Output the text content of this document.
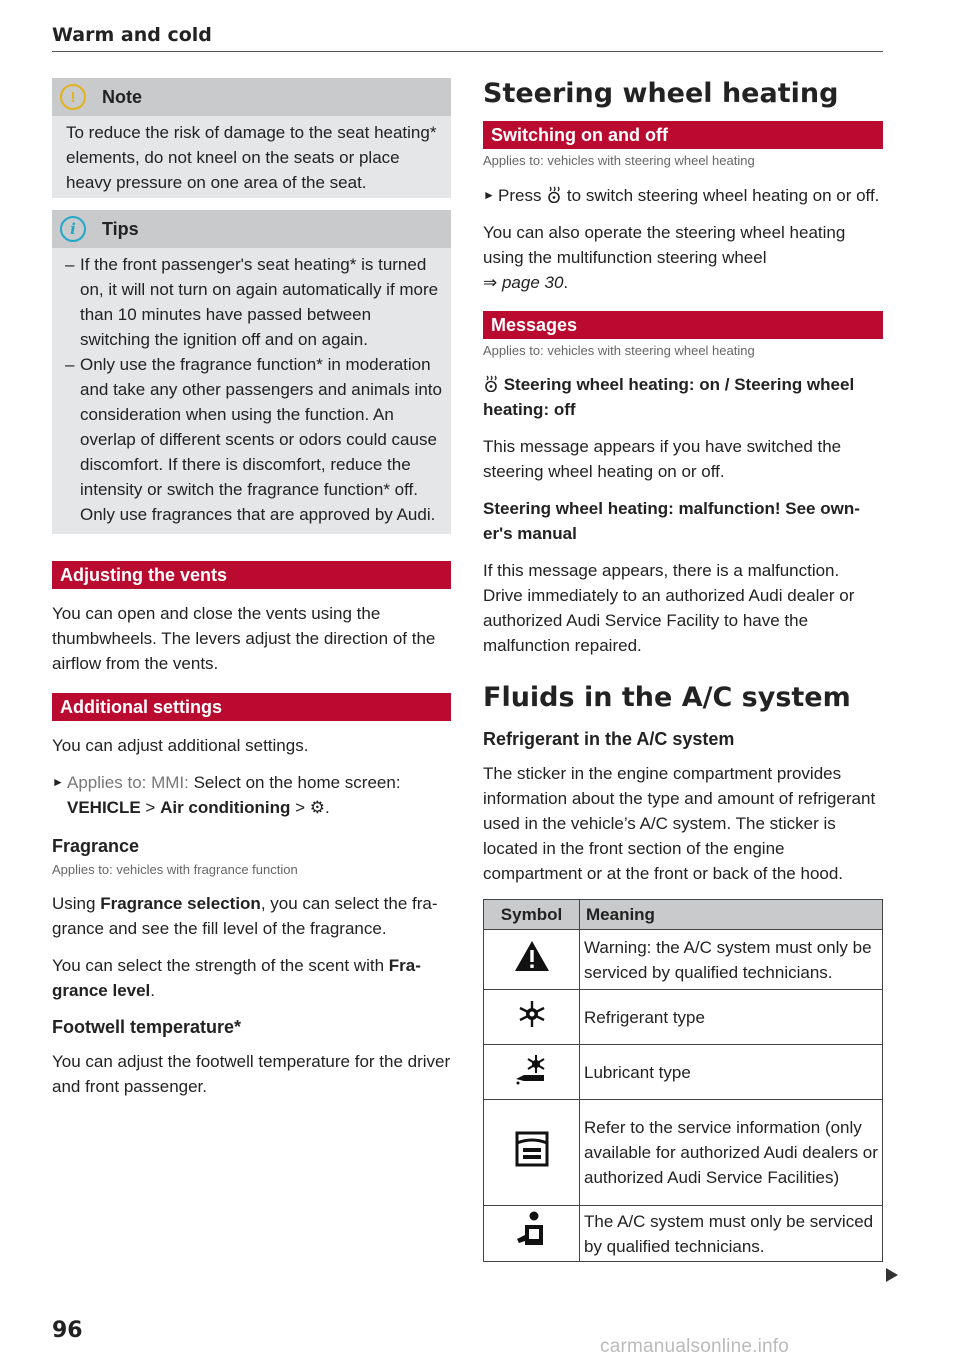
Warm and cold
!	Note

To reduce the risk of damage to the seat heating* elements, do not kneel on the seats or place heavy pressure on one area of the seat.

i	Tips
– If the front passenger's seat heating* is turned on, it will not turn on again automatically if more than 10 minutes have passed between switching the ignition off and on again.
– Only use the fragrance function* in moderation and take any other passengers and animals into consideration when using the function. An overlap of different scents or odors could cause discomfort. If there is discomfort, reduce the intensity or switch the fragrance function* off. Only use fragrances that are approved by Audi.
Adjusting the vents

You can open and close the vents using the thumbwheels. The levers adjust the direction of the airflow from the vents.

Additional settings

You can adjust additional settings.

► Applies to: MMI: Select on the home screen:
VEHICLE > Air conditioning > ⚙.
Fragrance
Applies to: vehicles with fragrance function

Using Fragrance selection, you can select the fragrance and see the fill level of the fragrance.

You can select the strength of the scent with Fragrance level.

Footwell temperature*

You can adjust the footwell temperature for the driver and front passenger.

Steering wheel heating
Switching on and off
Applies to: vehicles with steering wheel heating
► Press  to switch steering wheel heating on or off.

You can also operate the steering wheel heating using the multifunction steering wheel
⇒ page 30.

Messages
Applies to: vehicles with steering wheel heating
Steering wheel heating: on / Steering wheel heating: off

This message appears if you have switched the steering wheel heating on or off.

Steering wheel heating: malfunction! See owner's manual

If this message appears, there is a malfunction. Drive immediately to an authorized Audi dealer or authorized Audi Service Facility to have the malfunction repaired.

Fluids in the A/C system
Refrigerant in the A/C system

The sticker in the engine compartment provides information about the type and amount of refrigerant used in the vehicle’s A/C system. The sticker is located in the front section of the engine compartment or at the front or back of the hood.

Symbol	Meaning
	Warning: the A/C system must only be serviced by qualified technicians.
	Refrigerant type
	Lubricant type
	Refer to the service information (only available for authorized Audi dealers or authorized Audi Service Facilities)
	The A/C system must only be serviced by qualified technicians.
96
carmanualsonline.info
